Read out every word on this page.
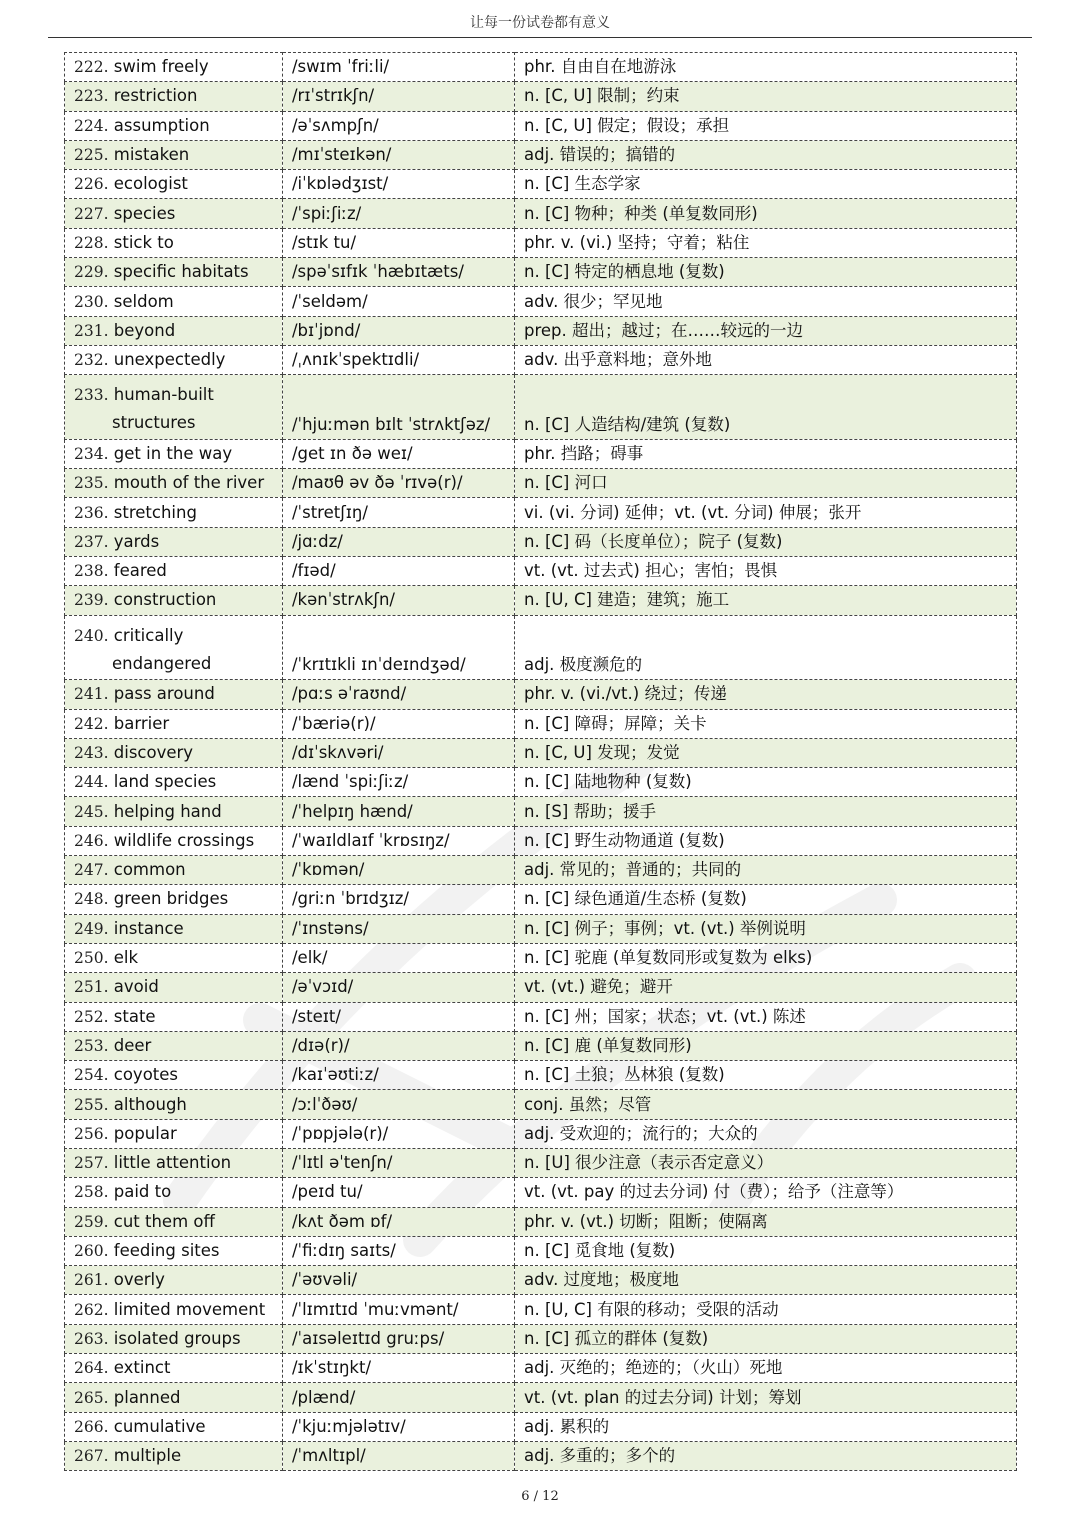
让每一份试卷都有意义
222. swim freely	/swɪm ˈfriːli/	phr. 自由自在地游泳
223. restriction	/rɪˈstrɪkʃn/	n. [C, U] 限制；约束
224. assumption	/əˈsʌmpʃn/	n. [C, U] 假定；假设；承担
225. mistaken	/mɪˈsteɪkən/	adj. 错误的；搞错的
226. ecologist	/iˈkɒlədʒɪst/	n. [C] 生态学家
227. species	/ˈspiːʃiːz/	n. [C] 物种；种类 (单复数同形)
228. stick to	/stɪk tu/	phr. v. (vi.) 坚持；守着；粘住
229. specific habitats	/spəˈsɪfɪk ˈhæbɪtæts/	n. [C] 特定的栖息地 (复数)
230. seldom	/ˈseldəm/	adv. 很少；罕见地
231. beyond	/bɪˈjɒnd/	prep. 超出；越过；在……较远的一边
232. unexpectedly	/ˌʌnɪkˈspektɪdli/	adv. 出乎意料地；意外地
233. human-built
structures	/ˈhjuːmən bɪlt ˈstrʌktʃəz/	n. [C] 人造结构/建筑 (复数)
234. get in the way	/get ɪn ðə weɪ/	phr. 挡路；碍事
235. mouth of the river	/maʊθ əv ðə ˈrɪvə(r)/	n. [C] 河口
236. stretching	/ˈstretʃɪŋ/	vi. (vi. 分词) 延伸；vt. (vt. 分词) 伸展；张开
237. yards	/jɑːdz/	n. [C] 码（长度单位）；院子 (复数)
238. feared	/fɪəd/	vt. (vt. 过去式) 担心；害怕；畏惧
239. construction	/kənˈstrʌkʃn/	n. [U, C] 建造；建筑；施工
240. critically
endangered	/ˈkrɪtɪkli ɪnˈdeɪndʒəd/	adj. 极度濒危的
241. pass around	/pɑːs əˈraʊnd/	phr. v. (vi./vt.) 绕过；传递
242. barrier	/ˈbæriə(r)/	n. [C] 障碍；屏障；关卡
243. discovery	/dɪˈskʌvəri/	n. [C, U] 发现；发觉
244. land species	/lænd ˈspiːʃiːz/	n. [C] 陆地物种 (复数)
245. helping hand	/ˈhelpɪŋ hænd/	n. [S] 帮助；援手
246. wildlife crossings	/ˈwaɪldlaɪf ˈkrɒsɪŋz/	n. [C] 野生动物通道 (复数)
247. common	/ˈkɒmən/	adj. 常见的；普通的；共同的
248. green bridges	/griːn ˈbrɪdʒɪz/	n. [C] 绿色通道/生态桥 (复数)
249. instance	/ˈɪnstəns/	n. [C] 例子；事例；vt. (vt.) 举例说明
250. elk	/elk/	n. [C] 驼鹿 (单复数同形或复数为 elks)
251. avoid	/əˈvɔɪd/	vt. (vt.) 避免；避开
252. state	/steɪt/	n. [C] 州；国家；状态；vt. (vt.) 陈述
253. deer	/dɪə(r)/	n. [C] 鹿 (单复数同形)
254. coyotes	/kaɪˈəʊtiːz/	n. [C] 土狼；丛林狼 (复数)
255. although	/ɔːlˈðəʊ/	conj. 虽然；尽管
256. popular	/ˈpɒpjələ(r)/	adj. 受欢迎的；流行的；大众的
257. little attention	/ˈlɪtl əˈtenʃn/	n. [U] 很少注意（表示否定意义）
258. paid to	/peɪd tu/	vt. (vt. pay 的过去分词) 付（费）；给予（注意等）
259. cut them off	/kʌt ðəm ɒf/	phr. v. (vt.) 切断；阻断；使隔离
260. feeding sites	/ˈfiːdɪŋ saɪts/	n. [C] 觅食地 (复数)
261. overly	/ˈəʊvəli/	adv. 过度地；极度地
262. limited movement	/ˈlɪmɪtɪd ˈmuːvmənt/	n. [U, C] 有限的移动；受限的活动
263. isolated groups	/ˈaɪsəleɪtɪd gruːps/	n. [C] 孤立的群体 (复数)
264. extinct	/ɪkˈstɪŋkt/	adj. 灭绝的；绝迹的；（火山）死地
265. planned	/plænd/	vt. (vt. plan 的过去分词) 计划；筹划
266. cumulative	/ˈkjuːmjələtɪv/	adj. 累积的
267. multiple	/ˈmʌltɪpl/	adj. 多重的；多个的
6 / 12
